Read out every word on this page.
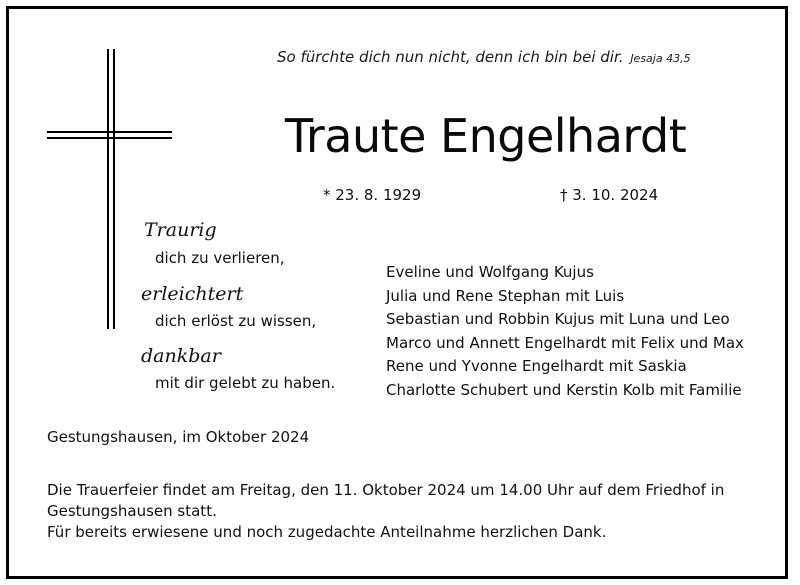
So fürchte dich nun nicht, denn ich bin bei dir. Jesaja 43,5
Traute Engelhardt
* 23. 8. 1929	† 3. 10. 2024
Traurig
dich zu verlieren,
erleichtert
dich erlöst zu wissen,
dankbar
mit dir gelebt zu haben.
Eveline und Wolfgang Kujus
Julia und Rene Stephan mit Luis
Sebastian und Robbin Kujus mit Luna und Leo
Marco und Annett Engelhardt mit Felix und Max
Rene und Yvonne Engelhardt mit Saskia
Charlotte Schubert und Kerstin Kolb mit Familie
Gestungshausen, im Oktober 2024
Die Trauerfeier findet am Freitag, den 11. Oktober 2024 um 14.00 Uhr auf dem Friedhof in Gestungshausen statt.
Für bereits erwiesene und noch zugedachte Anteilnahme herzlichen Dank.
